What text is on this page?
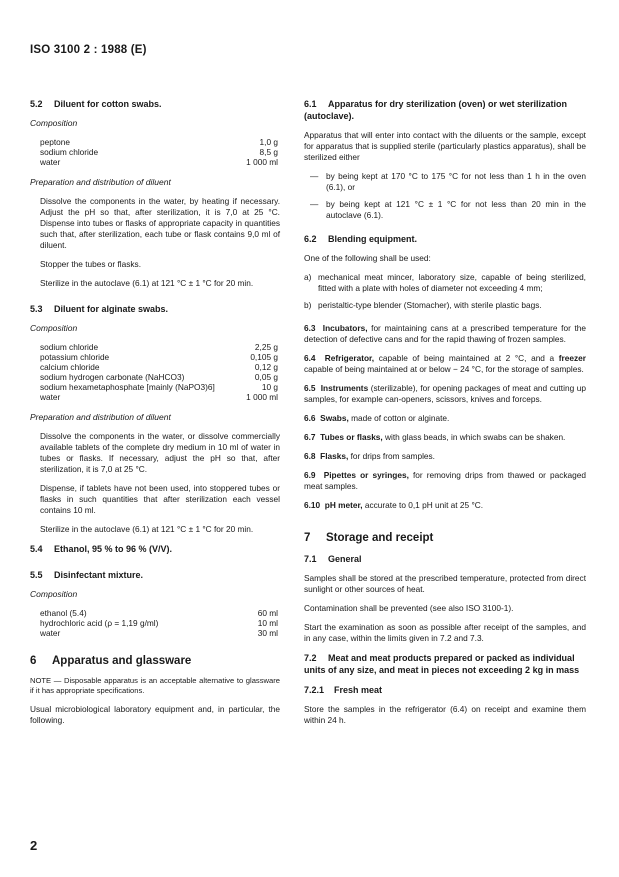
ISO 3100 2 : 1988 (E)
5.2 Diluent for cotton swabs.
Composition
peptone	1,0 g
sodium chloride	8,5 g
water	1 000 ml
Preparation and distribution of diluent
Dissolve the components in the water, by heating if necessary. Adjust the pH so that, after sterilization, it is 7,0 at 25 °C. Dispense into tubes or flasks of appropriate capacity in quantities such that, after sterilization, each tube or flask contains 9,0 ml of diluent.
Stopper the tubes or flasks.
Sterilize in the autoclave (6.1) at 121 °C ± 1 °C for 20 min.
5.3 Diluent for alginate swabs.
Composition
sodium chloride	2,25 g
potassium chloride	0,105 g
calcium chloride	0,12 g
sodium hydrogen carbonate (NaHCO3)	0,05 g
sodium hexametaphosphate [mainly (NaPO3)6]	10 g
water	1 000 ml
Preparation and distribution of diluent
Dissolve the components in the water, or dissolve commercially available tablets of the complete dry medium in 10 ml of water in tubes or flasks. If necessary, adjust the pH so that, after sterilization, it is 7,0 at 25 °C.
Dispense, if tablets have not been used, into stoppered tubes or flasks in such quantities that after sterilization each vessel contains 10 ml.
Sterilize in the autoclave (6.1) at 121 °C ± 1 °C for 20 min.
5.4 Ethanol, 95 % to 96 % (V/V).
5.5 Disinfectant mixture.
Composition
ethanol (5.4)	60 ml
hydrochloric acid (ρ = 1,19 g/ml)	10 ml
water	30 ml
6 Apparatus and glassware
NOTE — Disposable apparatus is an acceptable alternative to glassware if it has appropriate specifications.
Usual microbiological laboratory equipment and, in particular, the following.
6.1 Apparatus for dry sterilization (oven) or wet sterilization (autoclave).
Apparatus that will enter into contact with the diluents or the sample, except for apparatus that is supplied sterile (particularly plastics apparatus), shall be sterilized either
— by being kept at 170 °C to 175 °C for not less than 1 h in the oven (6.1), or
— by being kept at 121 °C ± 1 °C for not less than 20 min in the autoclave (6.1).
6.2 Blending equipment.
One of the following shall be used:
a) mechanical meat mincer, laboratory size, capable of being sterilized, fitted with a plate with holes of diameter not exceeding 4 mm;
b) peristaltic-type blender (Stomacher), with sterile plastic bags.
6.3 Incubators, for maintaining cans at a prescribed temperature for the detection of defective cans and for the rapid thawing of frozen samples.
6.4 Refrigerator, capable of being maintained at 2 °C, and a freezer capable of being maintained at or below − 24 °C, for the storage of samples.
6.5 Instruments (sterilizable), for opening packages of meat and cutting up samples, for example can-openers, scissors, knives and forceps.
6.6 Swabs, made of cotton or alginate.
6.7 Tubes or flasks, with glass beads, in which swabs can be shaken.
6.8 Flasks, for drips from samples.
6.9 Pipettes or syringes, for removing drips from thawed or packaged meat samples.
6.10 pH meter, accurate to 0,1 pH unit at 25 °C.
7 Storage and receipt
7.1 General
Samples shall be stored at the prescribed temperature, protected from direct sunlight or other sources of heat.
Contamination shall be prevented (see also ISO 3100-1).
Start the examination as soon as possible after receipt of the samples, and in any case, within the limits given in 7.2 and 7.3.
7.2 Meat and meat products prepared or packed as individual units of any size, and meat in pieces not exceeding 2 kg in mass
7.2.1 Fresh meat
Store the samples in the refrigerator (6.4) on receipt and examine them within 24 h.
2
